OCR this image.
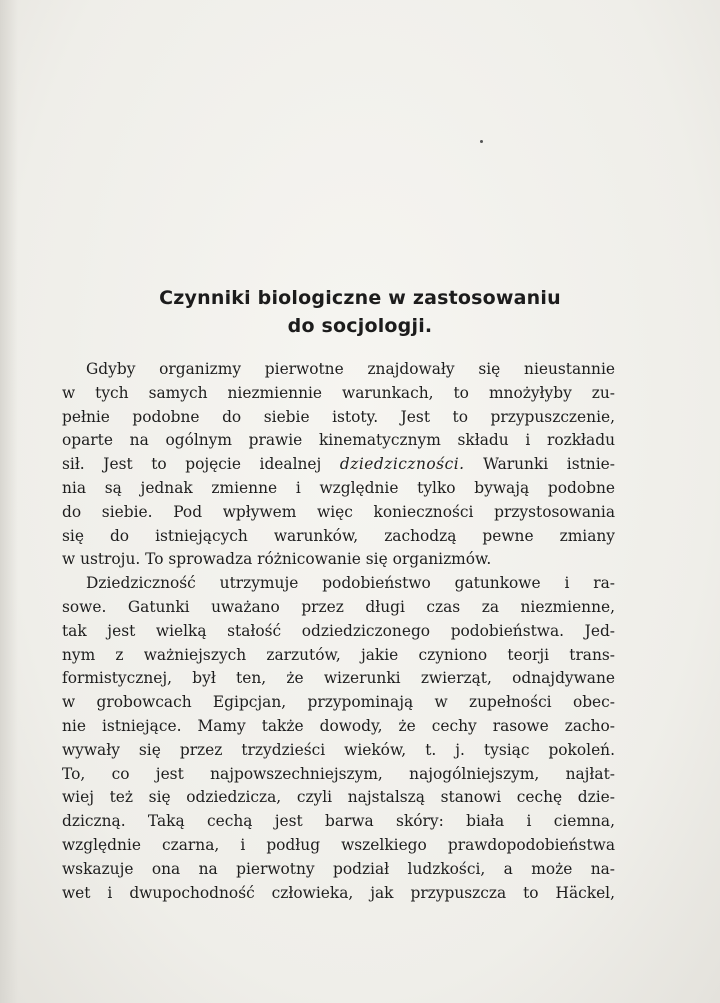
Czynniki biologiczne w zastosowaniu
do socjologji.
Gdyby organizmy pierwotne znajdowały się nieustannie
w tych samych niezmiennie warunkach, to mnożyłyby zu-
pełnie podobne do siebie istoty. Jest to przypuszczenie,
oparte na ogólnym prawie kinematycznym składu i rozkładu
sił. Jest to pojęcie idealnej dziedziczności. Warunki istnie-
nia są jednak zmienne i względnie tylko bywają podobne
do siebie. Pod wpływem więc konieczności przystosowania
się do istniejących warunków, zachodzą pewne zmiany
w ustroju. To sprowadza różnicowanie się organizmów.
Dziedziczność utrzymuje podobieństwo gatunkowe i ra-
sowe. Gatunki uważano przez długi czas za niezmienne,
tak jest wielką stałość odziedziczonego podobieństwa. Jed-
nym z ważniejszych zarzutów, jakie czyniono teorji trans-
formistycznej, był ten, że wizerunki zwierząt, odnajdywane
w grobowcach Egipcjan, przypominają w zupełności obec-
nie istniejące. Mamy także dowody, że cechy rasowe zacho-
wywały się przez trzydzieści wieków, t. j. tysiąc pokoleń.
To, co jest najpowszechniejszym, najogólniejszym, najłat-
wiej też się odziedzicza, czyli najstalszą stanowi cechę dzie-
dziczną. Taką cechą jest barwa skóry: biała i ciemna,
względnie czarna, i podług wszelkiego prawdopodobieństwa
wskazuje ona na pierwotny podział ludzkości, a może na-
wet i dwupochodność człowieka, jak przypuszcza to Häckel,
